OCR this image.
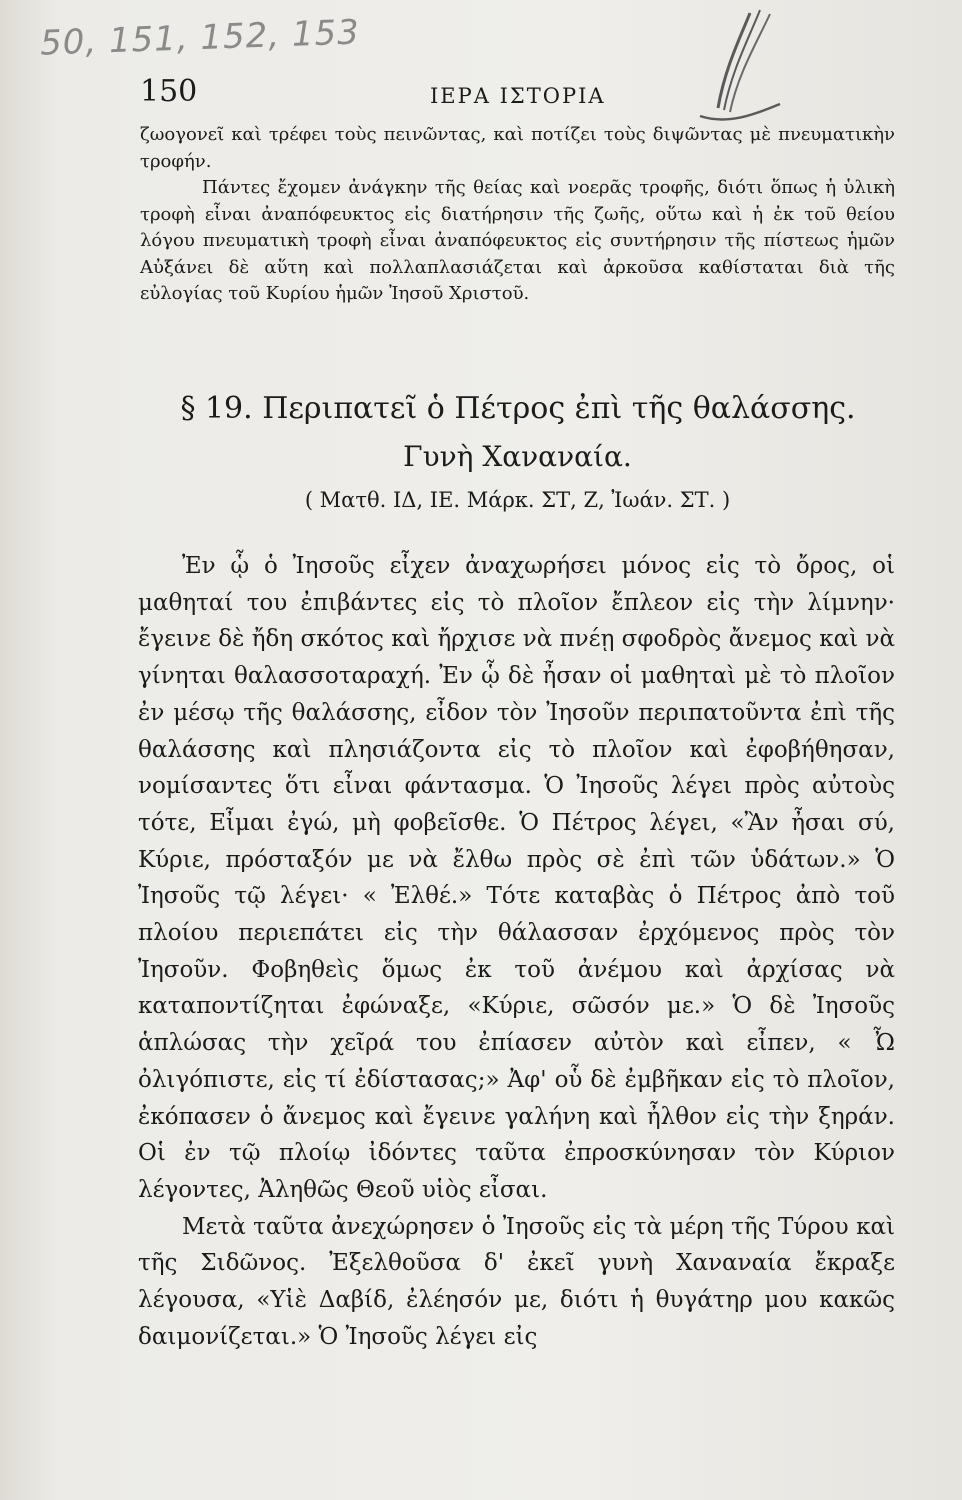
50, 151, 152, 153
150	ΙΕΡΑ ΙΣΤΟΡΙΑ

ζωογονεῖ καὶ τρέφει τοὺς πεινῶντας, καὶ ποτίζει τοὺς διψῶντας μὲ πνευματικὴν τροφήν.

Πάντες ἔχομεν ἀνάγκην τῆς θείας καὶ νοερᾶς τροφῆς, διότι ὅπως ἡ ὑλικὴ τροφὴ εἶναι ἀναπόφευκτος εἰς διατήρησιν τῆς ζωῆς, οὕτω καὶ ἡ ἐκ τοῦ θείου λόγου πνευματικὴ τροφὴ εἶναι ἀναπόφευκτος εἰς συντήρησιν τῆς πίστεως ἡμῶν Αὐξάνει δὲ αὕτη καὶ πολλαπλασιάζεται καὶ ἀρκοῦσα καθίσταται διὰ τῆς εὐλογίας τοῦ Κυρίου ἡμῶν Ἰησοῦ Χριστοῦ.

§ 19. Περιπατεῖ ὁ Πέτρος ἐπὶ τῆς θαλάσσης.
Γυνὴ Χαναναία.
( Ματθ. ΙΔ, ΙΕ. Μάρκ. ΣΤ, Ζ, Ἰωάν. ΣΤ. )

Ἐν ᾧ ὁ Ἰησοῦς εἶχεν ἀναχωρήσει μόνος εἰς τὸ ὄρος, οἱ μαθηταί του ἐπιβάντες εἰς τὸ πλοῖον ἔπλεον εἰς τὴν λίμνην· ἔγεινε δὲ ἤδη σκότος καὶ ἤρχισε νὰ πνέῃ σφοδρὸς ἄνεμος καὶ νὰ γίνηται θαλασσοταραχή. Ἐν ᾧ δὲ ἦσαν οἱ μαθηταὶ μὲ τὸ πλοῖον ἐν μέσῳ τῆς θαλάσσης, εἶδον τὸν Ἰησοῦν περιπατοῦντα ἐπὶ τῆς θαλάσσης καὶ πλησιάζοντα εἰς τὸ πλοῖον καὶ ἐφοβήθησαν, νομίσαντες ὅτι εἶναι φάντασμα. Ὁ Ἰησοῦς λέγει πρὸς αὐτοὺς τότε, Εἶμαι ἐγώ, μὴ φοβεῖσθε. Ὁ Πέτρος λέγει, «Ἂν ἦσαι σύ, Κύριε, πρόσταξόν με νὰ ἔλθω πρὸς σὲ ἐπὶ τῶν ὑδάτων.» Ὁ Ἰησοῦς τῷ λέγει· « Ἐλθέ.» Τότε καταβὰς ὁ Πέτρος ἀπὸ τοῦ πλοίου περιεπάτει εἰς τὴν θάλασσαν ἐρχόμενος πρὸς τὸν Ἰησοῦν. Φοβηθεὶς ὅμως ἐκ τοῦ ἀνέμου καὶ ἀρχίσας νὰ καταποντίζηται ἐφώναξε, «Κύριε, σῶσόν με.» Ὁ δὲ Ἰησοῦς ἁπλώσας τὴν χεῖρά του ἐπίασεν αὐτὸν καὶ εἶπεν, « Ὦ ὀλιγόπιστε, εἰς τί ἐδίστασας;» Ἀφ' οὗ δὲ ἐμβῆκαν εἰς τὸ πλοῖον, ἐκόπασεν ὁ ἄνεμος καὶ ἔγεινε γαλήνη καὶ ἦλθον εἰς τὴν ξηράν. Οἱ ἐν τῷ πλοίῳ ἰδόντες ταῦτα ἐπροσκύνησαν τὸν Κύριον λέγοντες, Ἀληθῶς Θεοῦ υἱὸς εἶσαι.

Μετὰ ταῦτα ἀνεχώρησεν ὁ Ἰησοῦς εἰς τὰ μέρη τῆς Τύρου καὶ τῆς Σιδῶνος. Ἐξελθοῦσα δ' ἐκεῖ γυνὴ Χαναναία ἔκραξε λέγουσα, «Υἱὲ Δαβίδ, ἐλέησόν με, διότι ἡ θυγάτηρ μου κακῶς δαιμονίζεται.» Ὁ Ἰησοῦς λέγει εἰς
